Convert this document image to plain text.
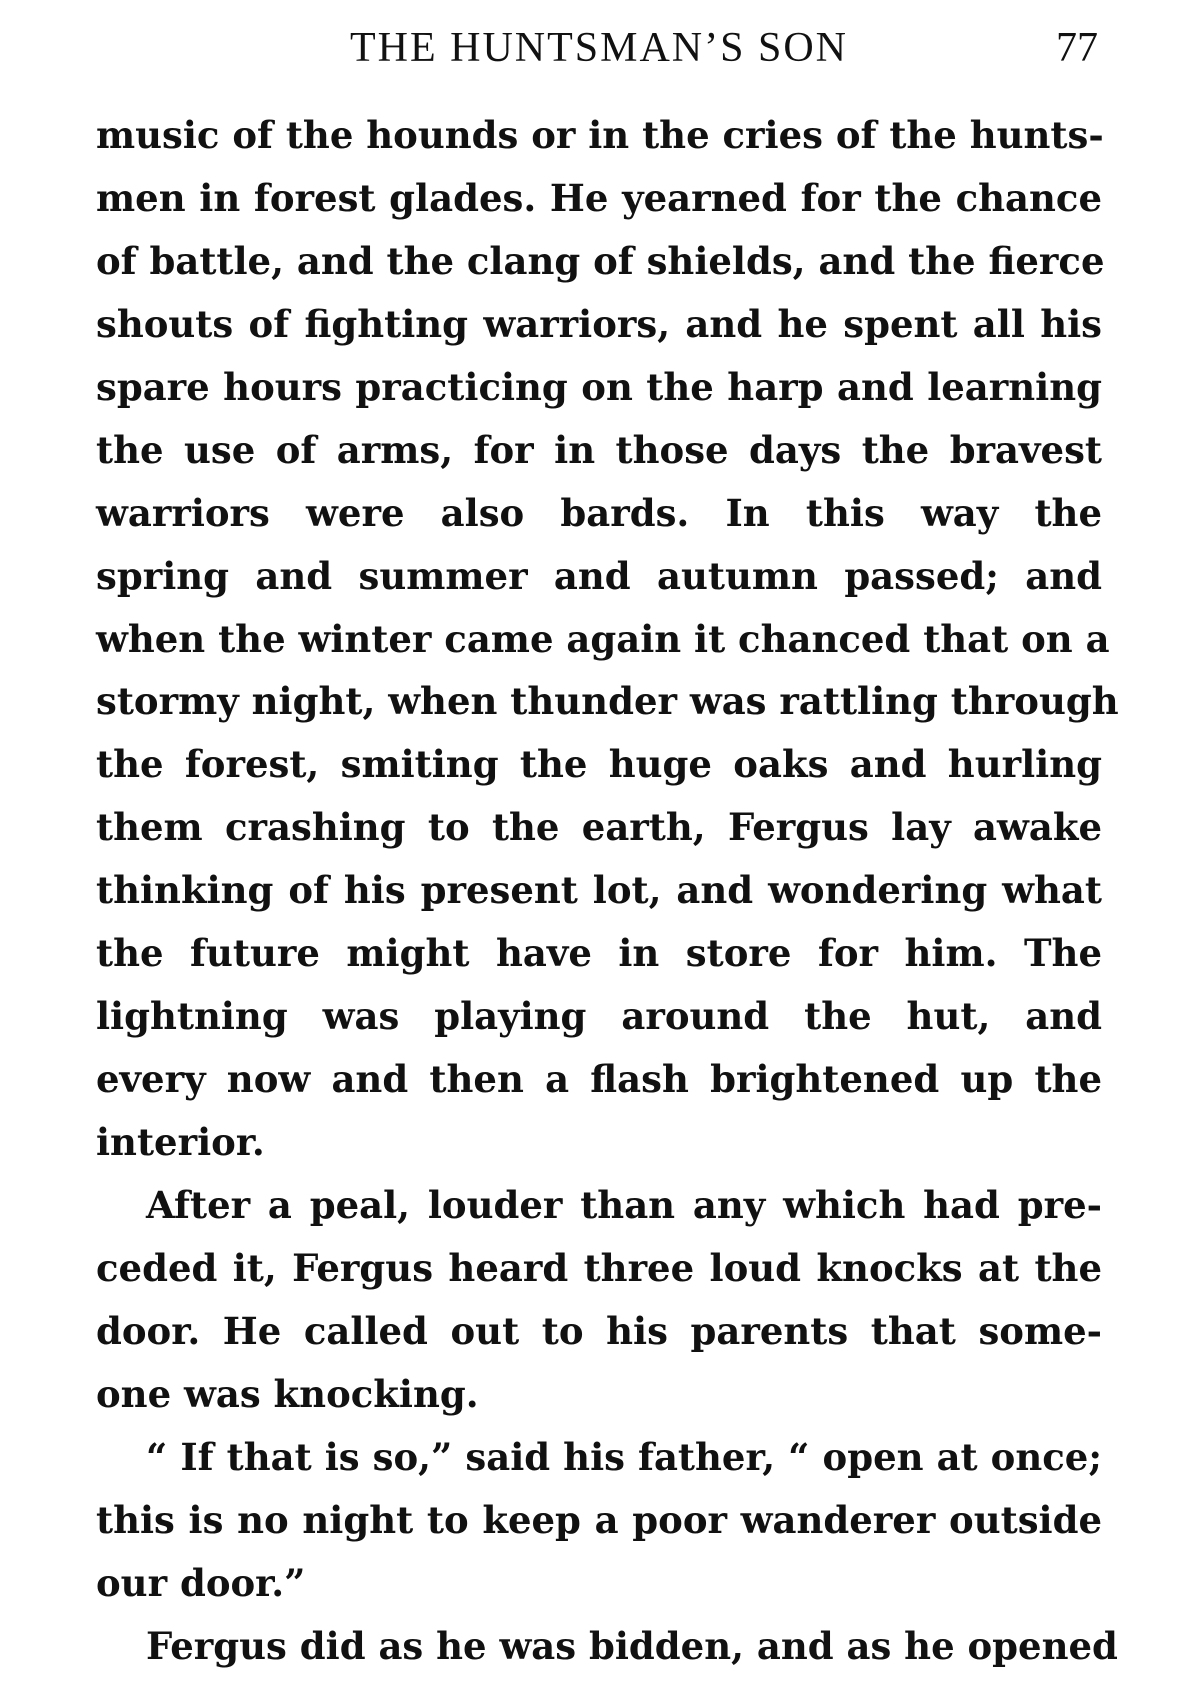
THE HUNTSMAN’S SON	77
music of the hounds or in the cries of the hunts-
men in forest glades. He yearned for the chance
of battle, and the clang of shields, and the fierce
shouts of fighting warriors, and he spent all his
spare hours practicing on the harp and learning
the use of arms, for in those days the bravest
warriors were also bards. In this way the
spring and summer and autumn passed; and
when the winter came again it chanced that on a
stormy night, when thunder was rattling through
the forest, smiting the huge oaks and hurling
them crashing to the earth, Fergus lay awake
thinking of his present lot, and wondering what
the future might have in store for him. The
lightning was playing around the hut, and
every now and then a flash brightened up the
interior.
After a peal, louder than any which had pre-
ceded it, Fergus heard three loud knocks at the
door. He called out to his parents that some-
one was knocking.
“ If that is so,” said his father, “ open at once;
this is no night to keep a poor wanderer outside
our door.”
Fergus did as he was bidden, and as he opened
